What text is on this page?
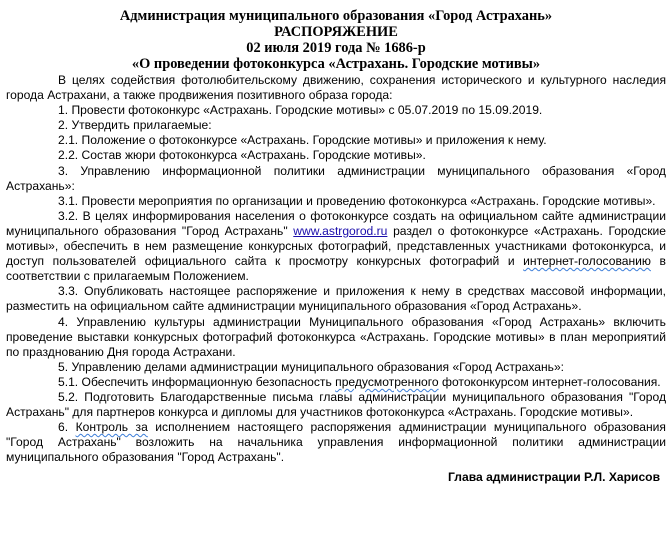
Администрация муниципального образования «Город Астрахань»
РАСПОРЯЖЕНИЕ
02 июля 2019 года № 1686-р
«О проведении фотоконкурса «Астрахань. Городские мотивы»

В целях содействия фотолюбительскому движению, сохранения исторического и культурного наследия города Астрахани, а также продвижения позитивного образа города:

1. Провести фотоконкурс «Астрахань. Городские мотивы» с 05.07.2019 по 15.09.2019.

2. Утвердить прилагаемые:

2.1. Положение о фотоконкурсе «Астрахань. Городские мотивы» и приложения к нему.

2.2. Состав жюри фотоконкурса «Астрахань. Городские мотивы».

3. Управлению информационной политики администрации муниципального образования «Город Астрахань»:

3.1. Провести мероприятия по организации и проведению фотоконкурса «Астрахань. Городские мотивы».

3.2. В целях информирования населения о фотоконкурсе создать на официальном сайте администрации муниципального образования "Город Астрахань" www.astrgorod.ru раздел о фотоконкурсе «Астрахань. Городские мотивы», обеспечить в нем размещение конкурсных фотографий, представленных участниками фотоконкурса, и доступ пользователей официального сайта к просмотру конкурсных фотографий и интернет-голосованию в соответствии с прилагаемым Положением.

3.3. Опубликовать настоящее распоряжение и приложения к нему в средствах массовой информации, разместить на официальном сайте администрации муниципального образования «Город Астрахань».

4. Управлению культуры администрации Муниципального образования «Город Астрахань» включить проведение выставки конкурсных фотографий фотоконкурса «Астрахань. Городские мотивы» в план мероприятий по празднованию Дня города Астрахани.

5. Управлению делами администрации муниципального образования «Город Астрахань»:

5.1. Обеспечить информационную безопасность предусмотренного фотоконкурсом интернет-голосования.

5.2. Подготовить Благодарственные письма главы администрации муниципального образования "Город Астрахань" для партнеров конкурса и дипломы для участников фотоконкурса «Астрахань. Городские мотивы».

6. Контроль за исполнением настоящего распоряжения администрации муниципального образования "Город Астрахань" возложить на начальника управления информационной политики администрации муниципального образования "Город Астрахань".

Глава администрации Р.Л. Харисов
